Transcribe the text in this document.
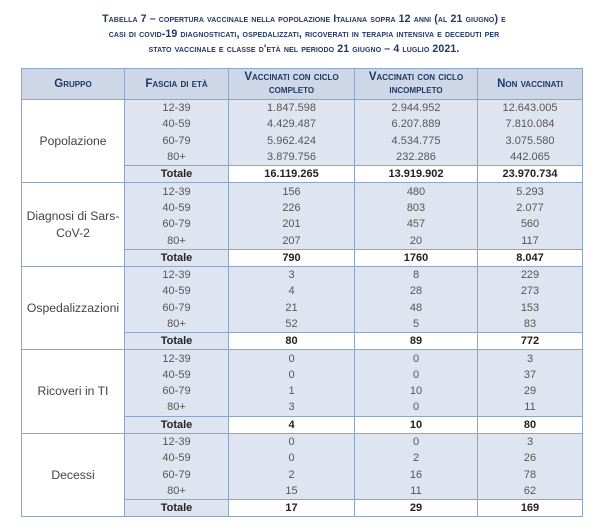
Tabella 7 – copertura vaccinale nella popolazione Italiana sopra 12 anni (al 21 giugno) e
casi di covid-19 diagnosticati, ospedalizzati, ricoverati in terapia intensiva e deceduti per
stato vaccinale e classe d'età nel periodo 21 giugno – 4 luglio 2021.
Gruppo	Fascia di età	Vaccinati con ciclo completo	Vaccinati con ciclo incompleto	Non vaccinati
Popolazione	12-39	1.847.598	2.944.952	12.643.005
	40-59	4.429.487	6.207.889	7.810.084
	60-79	5.962.424	4.534.775	3.075.580
	80+	3.879.756	232.286	442.065
	Totale	16.119.265	13.919.902	23.970.734
Diagnosi di Sars-CoV-2	12-39	156	480	5.293
	40-59	226	803	2.077
	60-79	201	457	560
	80+	207	20	117
	Totale	790	1760	8.047
Ospedalizzazioni	12-39	3	8	229
	40-59	4	28	273
	60-79	21	48	153
	80+	52	5	83
	Totale	80	89	772
Ricoveri in TI	12-39	0	0	3
	40-59	0	0	37
	60-79	1	10	29
	80+	3	0	11
	Totale	4	10	80
Decessi	12-39	0	0	3
	40-59	0	2	26
	60-79	2	16	78
	80+	15	11	62
	Totale	17	29	169
